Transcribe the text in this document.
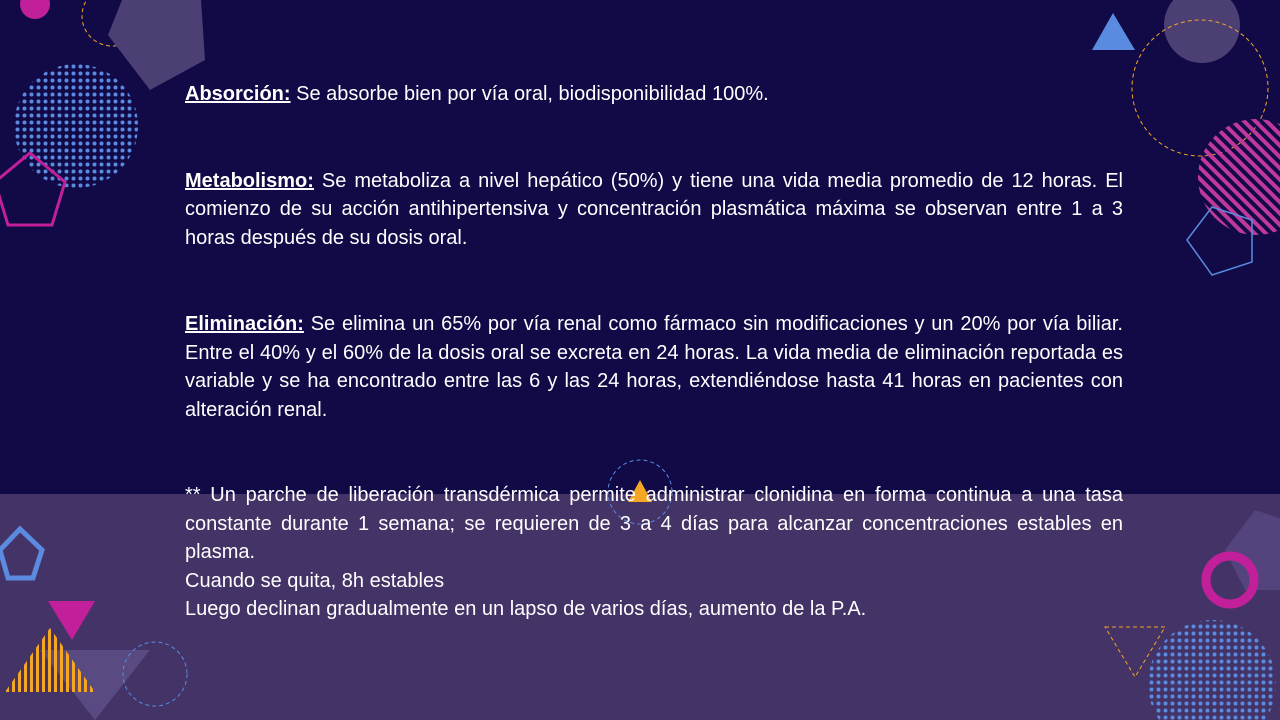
Absorción: Se absorbe bien por vía oral, biodisponibilidad 100%.

Metabolismo: Se metaboliza a nivel hepático (50%) y tiene una vida media promedio de 12 horas. El comienzo de su acción antihipertensiva y concentración plasmática máxima se observan entre 1 a 3 horas después de su dosis oral.

Eliminación: Se elimina un 65% por vía renal como fármaco sin modificaciones y un 20% por vía biliar. Entre el 40% y el 60% de la dosis oral se excreta en 24 horas. La vida media de eliminación reportada es variable y se ha encontrado entre las 6 y las 24 horas, extendiéndose hasta 41 horas en pacientes con alteración renal.

** Un parche de liberación transdérmica permite administrar clonidina en forma continua a una tasa constante durante 1 semana; se requieren de 3 a 4 días para alcanzar concentraciones estables en plasma.

Cuando se quita, 8h estables

Luego declinan gradualmente en un lapso de varios días, aumento de la P.A.
